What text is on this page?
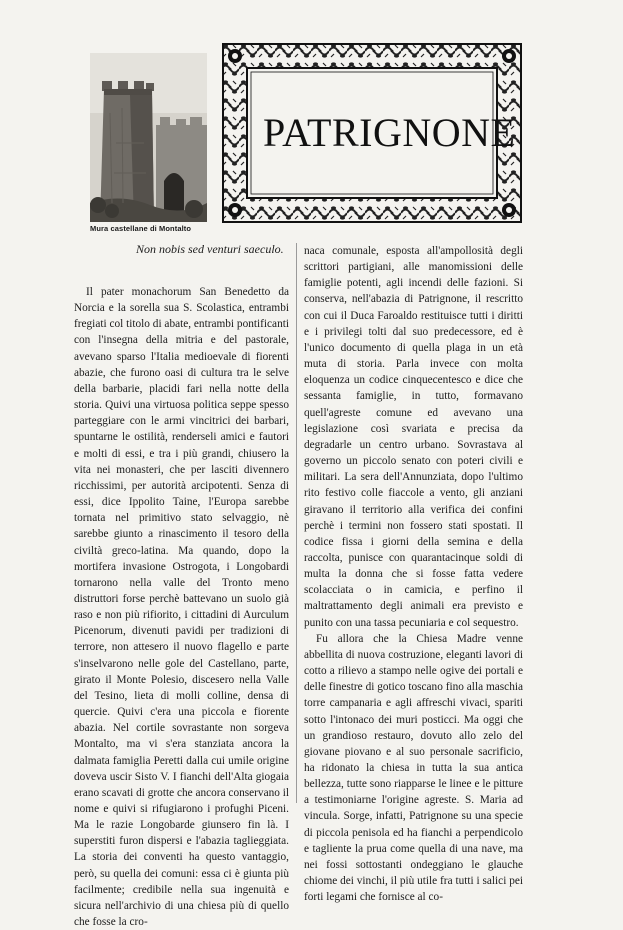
Mura castellane di Montalto
PATRIGNONE
Non nobis sed venturi saeculo.

Il pater monachorum San Benedetto da Norcia e la sorella sua S. Scolastica, entrambi fregiati col titolo di abate, entrambi pontificanti con l'insegna della mitria e del pastorale, avevano sparso l'Italia medioevale di fiorenti abazie, che furono oasi di cultura tra le selve della barbarie, placidi fari nella notte della storia. Quivi una virtuosa politica seppe spesso parteggiare con le armi vincitrici dei barbari, spuntarne le ostilità, renderseli amici e fautori e molti di essi, e tra i più grandi, chiusero la vita nei monasteri, che per lasciti divennero ricchissimi, per autorità arcipotenti. Senza di essi, dice Ippolito Taine, l'Europa sarebbe tornata nel primitivo stato selvaggio, nè sarebbe giunto a rinascimento il tesoro della civiltà greco-latina. Ma quando, dopo la mortifera invasione Ostrogota, i Longobardi tornarono nella valle del Tronto meno distruttori forse perchè battevano un suolo già raso e non più rifiorito, i cittadini di Aurculum Picenorum, divenuti pavidi per tradizioni di terrore, non attesero il nuovo flagello e parte s'inselvarono nelle gole del Castellano, parte, girato il Monte Polesio, discesero nella Valle del Tesino, lieta di molli colline, densa di quercie. Quivi c'era una piccola e fiorente abazia. Nel cortile sovrastante non sorgeva Montalto, ma vi s'era stanziata ancora la dalmata famiglia Peretti dalla cui umile origine doveva uscir Sisto V. I fianchi dell'Alta giogaia erano scavati di grotte che ancora conservano il nome e quivi si rifugiarono i profughi Piceni. Ma le razie Longobarde giunsero fin là. I superstiti furon dispersi e l'abazia taglieggiata. La storia dei conventi ha questo vantaggio, però, su quella dei comuni: essa ci è giunta più facilmente; credibile nella sua ingenuità e sicura nell'archivio di una chiesa più di quello che fosse la cro-

naca comunale, esposta all'ampollosità degli scrittori partigiani, alle manomissioni delle famiglie potenti, agli incendi delle fazioni. Si conserva, nell'abazia di Patrignone, il rescritto con cui il Duca Faroaldo restituisce tutti i diritti e i privilegi tolti dal suo predecessore, ed è l'unico documento di quella plaga in un età muta di storia. Parla invece con molta eloquenza un codice cinquecentesco e dice che sessanta famiglie, in tutto, formavano quell'agreste comune ed avevano una legislazione così svariata e precisa da degradarle un centro urbano. Sovrastava al governo un piccolo senato con poteri civili e militari. La sera dell'Annunziata, dopo l'ultimo rito festivo colle fiaccole a vento, gli anziani giravano il territorio alla verifica dei confini perchè i termini non fossero stati spostati. Il codice fissa i giorni della semina e della raccolta, punisce con quarantacinque soldi di multa la donna che si fosse fatta vedere scolacciata o in camicia, e perfino il maltrattamento degli animali era previsto e punito con una tassa pecuniaria e col sequestro.

Fu allora che la Chiesa Madre venne abbellita di nuova costruzione, eleganti lavori di cotto a rilievo a stampo nelle ogive dei portali e delle finestre di gotico toscano fino alla maschia torre campanaria e agli affreschi vivaci, spariti sotto l'intonaco dei muri posticci. Ma oggi che un grandioso restauro, dovuto allo zelo del giovane piovano e al suo personale sacrificio, ha ridonato la chiesa in tutta la sua antica bellezza, tutte sono riapparse le linee e le pitture a testimoniarne l'origine agreste. S. Maria ad vincula. Sorge, infatti, Patrignone su una specie di piccola penisola ed ha fianchi a perpendicolo e tagliente la prua come quella di una nave, ma nei fossi sottostanti ondeggiano le glauche chiome dei vinchi, il più utile fra tutti i salici pei forti legami che fornisce al co-
